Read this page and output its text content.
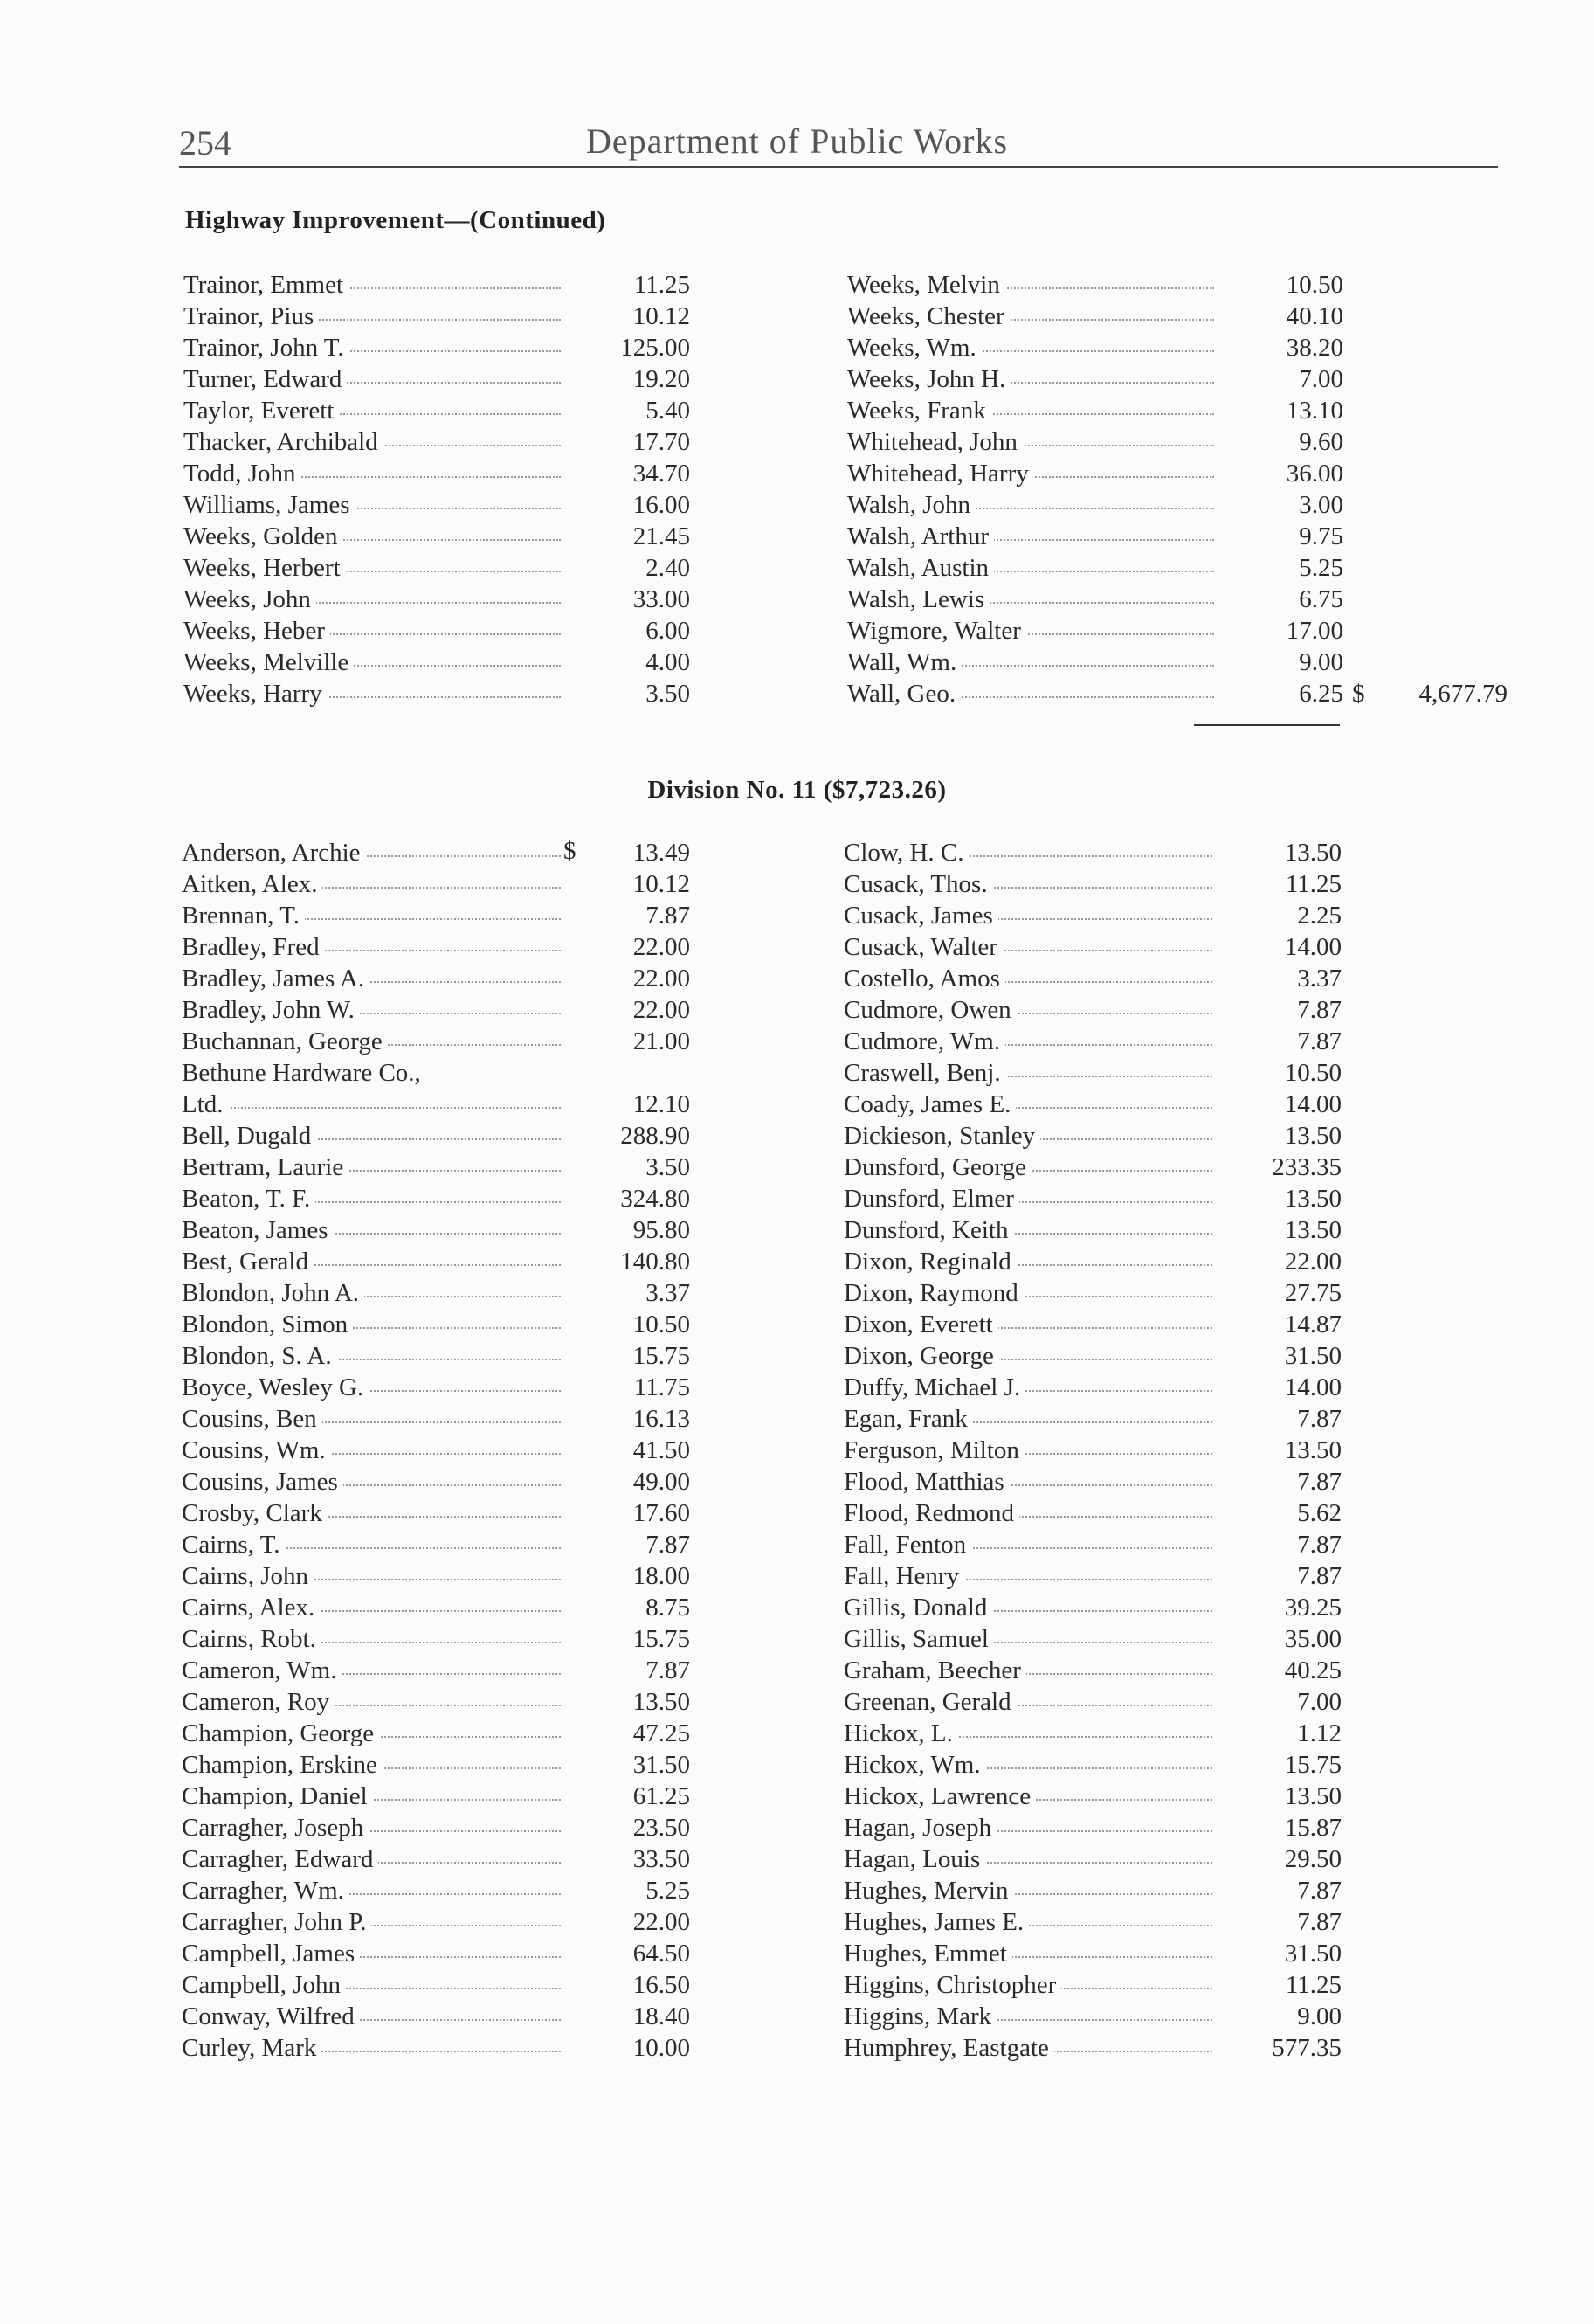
254	Department of Public Works
Highway Improvement—(Continued)
Trainor, Emmet	11.25
Trainor, Pius	10.12
Trainor, John T.	125.00
Turner, Edward	19.20
Taylor, Everett	5.40
Thacker, Archibald	17.70
Todd, John	34.70
Williams, James	16.00
Weeks, Golden	21.45
Weeks, Herbert	2.40
Weeks, John	33.00
Weeks, Heber	6.00
Weeks, Melville	4.00
Weeks, Harry	3.50
Weeks, Melvin	10.50
Weeks, Chester	40.10
Weeks, Wm.	38.20
Weeks, John H.	7.00
Weeks, Frank	13.10
Whitehead, John	9.60
Whitehead, Harry	36.00
Walsh, John	3.00
Walsh, Arthur	9.75
Walsh, Austin	5.25
Walsh, Lewis	6.75
Wigmore, Walter	17.00
Wall, Wm.	9.00
Wall, Geo.	6.25 $	4,677.79
Division No. 11 ($7,723.26)
$
Anderson, Archie	13.49
Aitken, Alex.	10.12
Brennan, T.	7.87
Bradley, Fred	22.00
Bradley, James A.	22.00
Bradley, John W.	22.00
Buchannan, George	21.00
Bethune Hardware Co.,
Ltd.	12.10
Bell, Dugald	288.90
Bertram, Laurie	3.50
Beaton, T. F.	324.80
Beaton, James	95.80
Best, Gerald	140.80
Blondon, John A.	3.37
Blondon, Simon	10.50
Blondon, S. A.	15.75
Boyce, Wesley G.	11.75
Cousins, Ben	16.13
Cousins, Wm.	41.50
Cousins, James	49.00
Crosby, Clark	17.60
Cairns, T.	7.87
Cairns, John	18.00
Cairns, Alex.	8.75
Cairns, Robt.	15.75
Cameron, Wm.	7.87
Cameron, Roy	13.50
Champion, George	47.25
Champion, Erskine	31.50
Champion, Daniel	61.25
Carragher, Joseph	23.50
Carragher, Edward	33.50
Carragher, Wm.	5.25
Carragher, John P.	22.00
Campbell, James	64.50
Campbell, John	16.50
Conway, Wilfred	18.40
Curley, Mark	10.00
Clow, H. C.	13.50
Cusack, Thos.	11.25
Cusack, James	2.25
Cusack, Walter	14.00
Costello, Amos	3.37
Cudmore, Owen	7.87
Cudmore, Wm.	7.87
Craswell, Benj.	10.50
Coady, James E.	14.00
Dickieson, Stanley	13.50
Dunsford, George	233.35
Dunsford, Elmer	13.50
Dunsford, Keith	13.50
Dixon, Reginald	22.00
Dixon, Raymond	27.75
Dixon, Everett	14.87
Dixon, George	31.50
Duffy, Michael J.	14.00
Egan, Frank	7.87
Ferguson, Milton	13.50
Flood, Matthias	7.87
Flood, Redmond	5.62
Fall, Fenton	7.87
Fall, Henry	7.87
Gillis, Donald	39.25
Gillis, Samuel	35.00
Graham, Beecher	40.25
Greenan, Gerald	7.00
Hickox, L.	1.12
Hickox, Wm.	15.75
Hickox, Lawrence	13.50
Hagan, Joseph	15.87
Hagan, Louis	29.50
Hughes, Mervin	7.87
Hughes, James E.	7.87
Hughes, Emmet	31.50
Higgins, Christopher	11.25
Higgins, Mark	9.00
Humphrey, Eastgate	577.35
